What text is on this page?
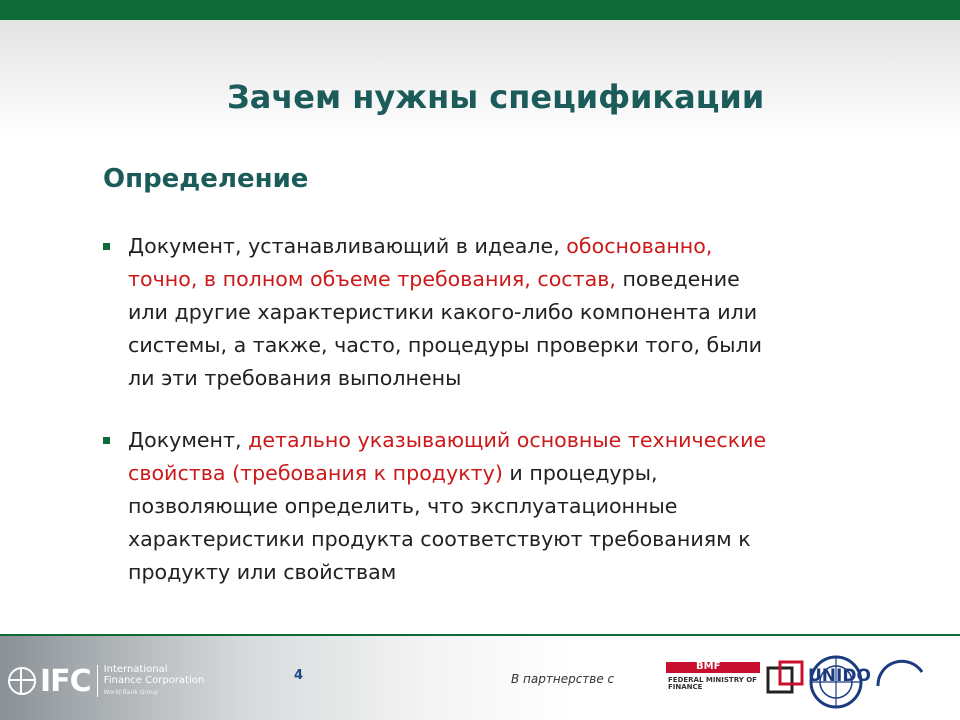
Зачем нужны спецификации
Определение
Документ, устанавливающий в идеале, обоснованно,
точно, в полном объеме требования, состав, поведение
или другие характеристики какого-либо компонента или
системы, а также, часто, процедуры проверки того, были
ли эти требования выполнены
Документ, детально указывающий основные технические
свойства (требования к продукту) и процедуры,
позволяющие определить, что эксплуатационные
характеристики продукта соответствуют требованиям к
продукту или свойствам
IFC International
Finance Corporation
World Bank Group
4	В партнерстве с
BMF
FEDERAL MINISTRY OF FINANCE
UNIDO
